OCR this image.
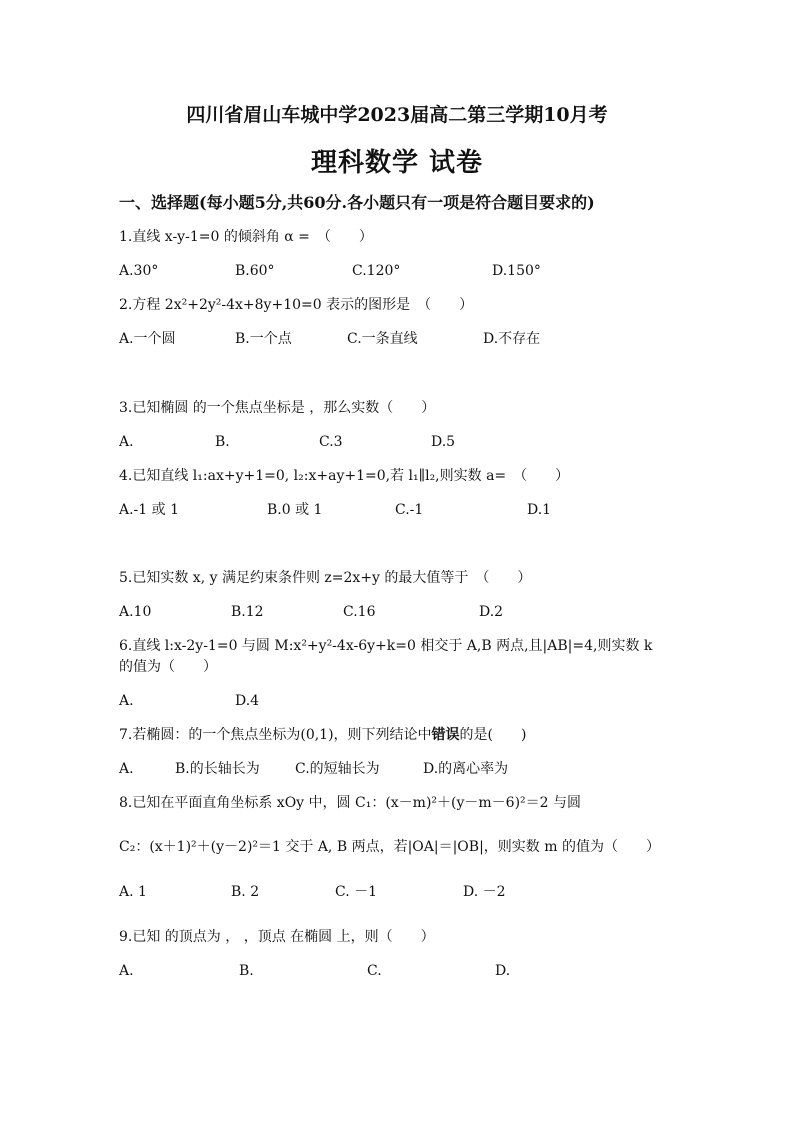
四川省眉山车城中学2023届高二第三学期10月考
理科数学 试卷
一、选择题(每小题5分,共60分.各小题只有一项是符合题目要求的)
1.直线 x-y-1=0 的倾斜角 α =　（　　）
A.30°	B.60°	C.120°	D.150°
2.方程 2x²+2y²-4x+8y+10=0 表示的图形是　（　　）
A.一个圆	B.一个点	C.一条直线	D.不存在
3.已知椭圆 的一个焦点坐标是 ，那么实数（　　）
A.	B.	C.3	D.5
4.已知直线 l₁:ax+y+1=0, l₂:x+ay+1=0,若 l₁∥l₂,则实数 a=　（　　）
A.-1 或 1	B.0 或 1	C.-1	D.1
5.已知实数 x, y 满足约束条件则 z=2x+y 的最大值等于　（　　）
A.10	B.12	C.16	D.2
6.直线 l:x-2y-1=0 与圆 M:x²+y²-4x-6y+k=0 相交于 A,B 两点,且|AB|=4,则实数 k
的值为（　　）
A.	D.4
7.若椭圆：的一个焦点坐标为(0,1)，则下列结论中错误的是(　　)
A.	B.的长轴长为	C.的短轴长为	D.的离心率为
8.已知在平面直角坐标系 xOy 中，圆 C₁：(x－m)²＋(y－m－6)²＝2 与圆
C₂：(x＋1)²＋(y－2)²＝1 交于 A, B 两点，若|OA|＝|OB|，则实数 m 的值为（　　）
A. 1	B. 2	C. －1	D. －2
9.已知 的顶点为 ， ，顶点 在椭圆 上，则（　　）
A.	B.	C.	D.
